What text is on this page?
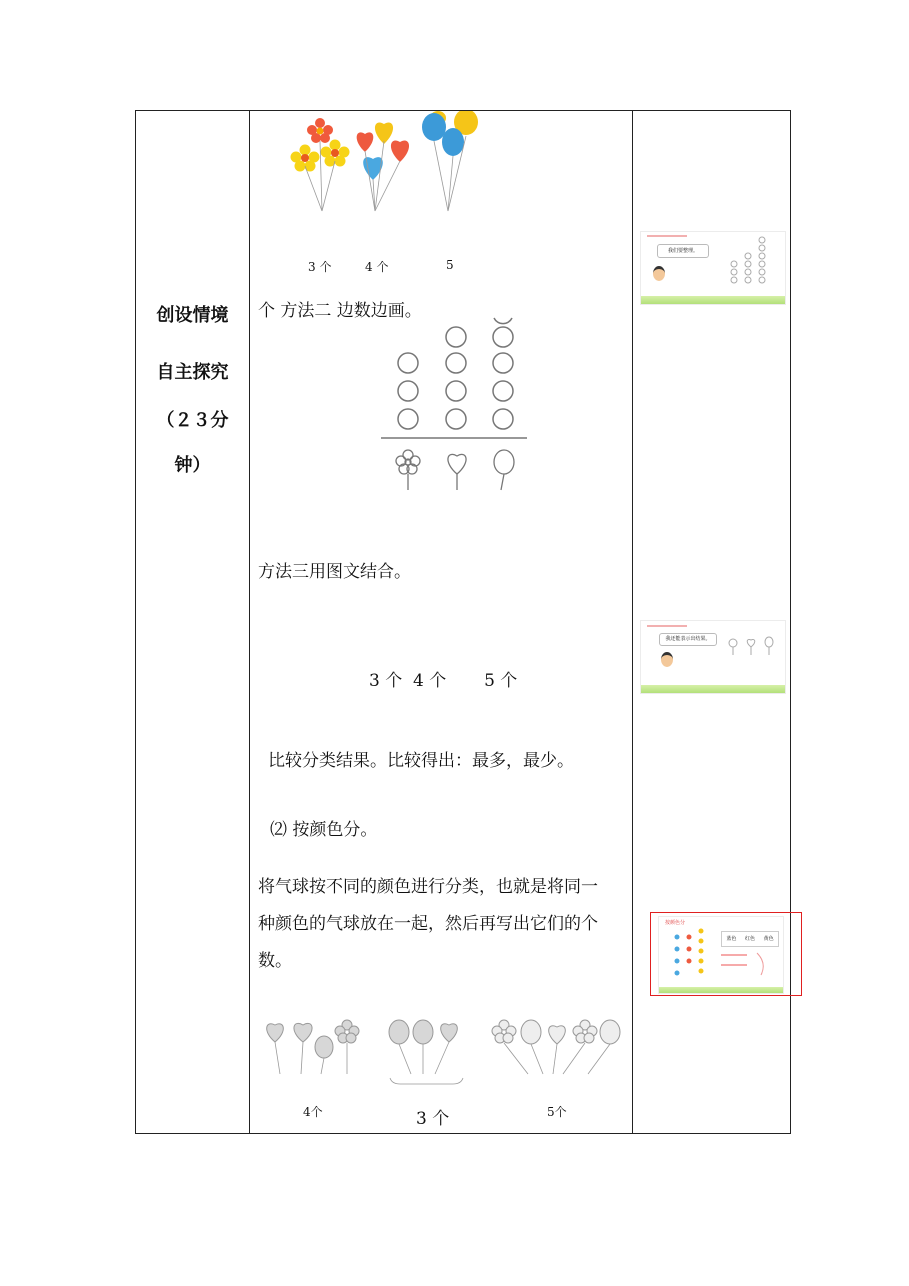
创设情境
自主探究
（２３分
钟）
3 个	4 个	5
个 方法二 边数边画。
方法三用图文结合。
3 个  4 个       5 个
比较分类结果。比较得出：最多，最少。
⑵ 按颜色分。
将气球按不同的颜色进行分类，也就是将同一
种颜色的气球放在一起，然后再写出它们的个
数。
4个	3 个	5个
我们要整理。
我还能表示出结果。
按颜色分
蓝色 红色 黄色
